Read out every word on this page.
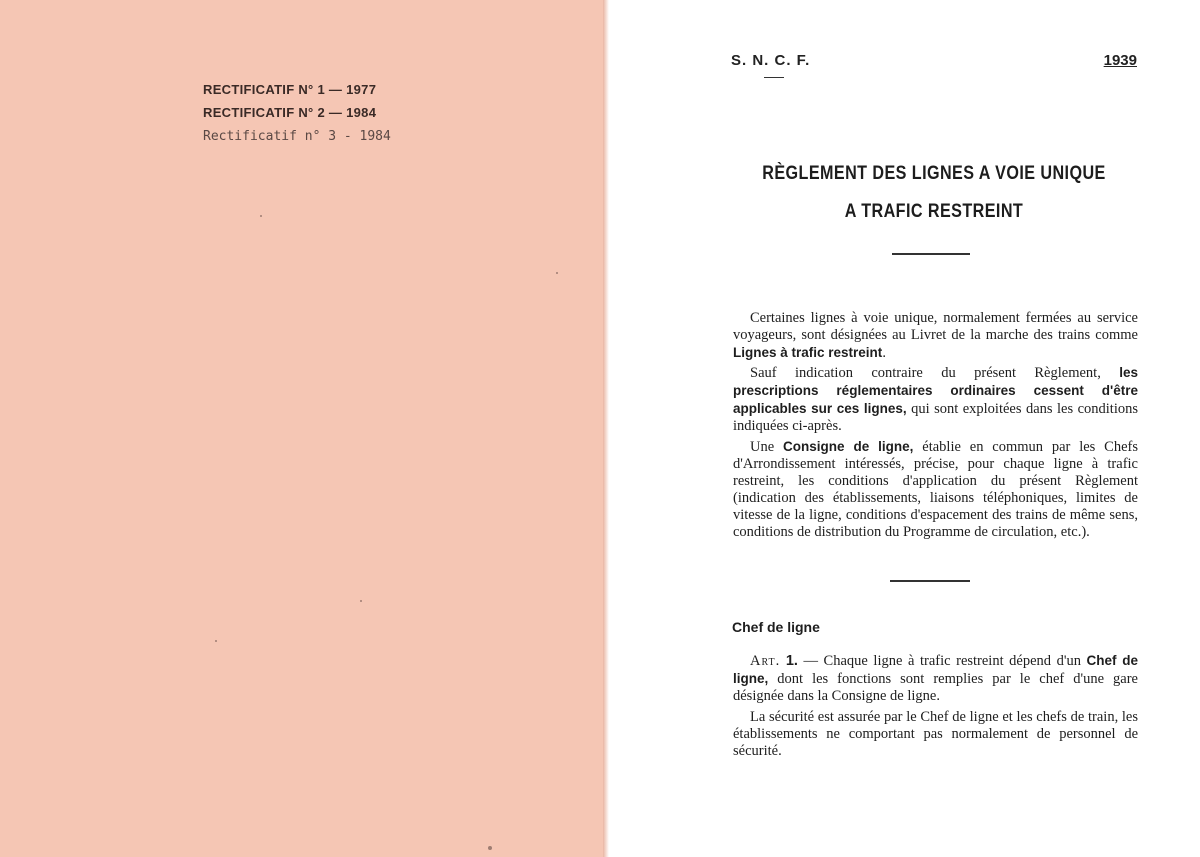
RECTIFICATIF N° 1 — 1977
RECTIFICATIF N° 2 — 1984
Rectificatif n° 3 - 1984
S. N. C. F.	1939
RÈGLEMENT DES LIGNES A VOIE UNIQUE
A TRAFIC RESTREINT
Certaines lignes à voie unique, normalement fermées au service voyageurs, sont désignées au Livret de la marche des trains comme Lignes à trafic restreint.
Sauf indication contraire du présent Règlement, les prescriptions réglementaires ordinaires cessent d'être applicables sur ces lignes, qui sont exploitées dans les conditions indiquées ci-après.
Une Consigne de ligne, établie en commun par les Chefs d'Arrondissement intéressés, précise, pour chaque ligne à trafic restreint, les conditions d'application du présent Règlement (indication des établissements, liaisons téléphoniques, limites de vitesse de la ligne, conditions d'espacement des trains de même sens, conditions de distribution du Programme de circulation, etc.).
Chef de ligne
Art. 1. — Chaque ligne à trafic restreint dépend d'un Chef de ligne, dont les fonctions sont remplies par le chef d'une gare désignée dans la Consigne de ligne.
La sécurité est assurée par le Chef de ligne et les chefs de train, les établissements ne comportant pas normalement de personnel de sécurité.
